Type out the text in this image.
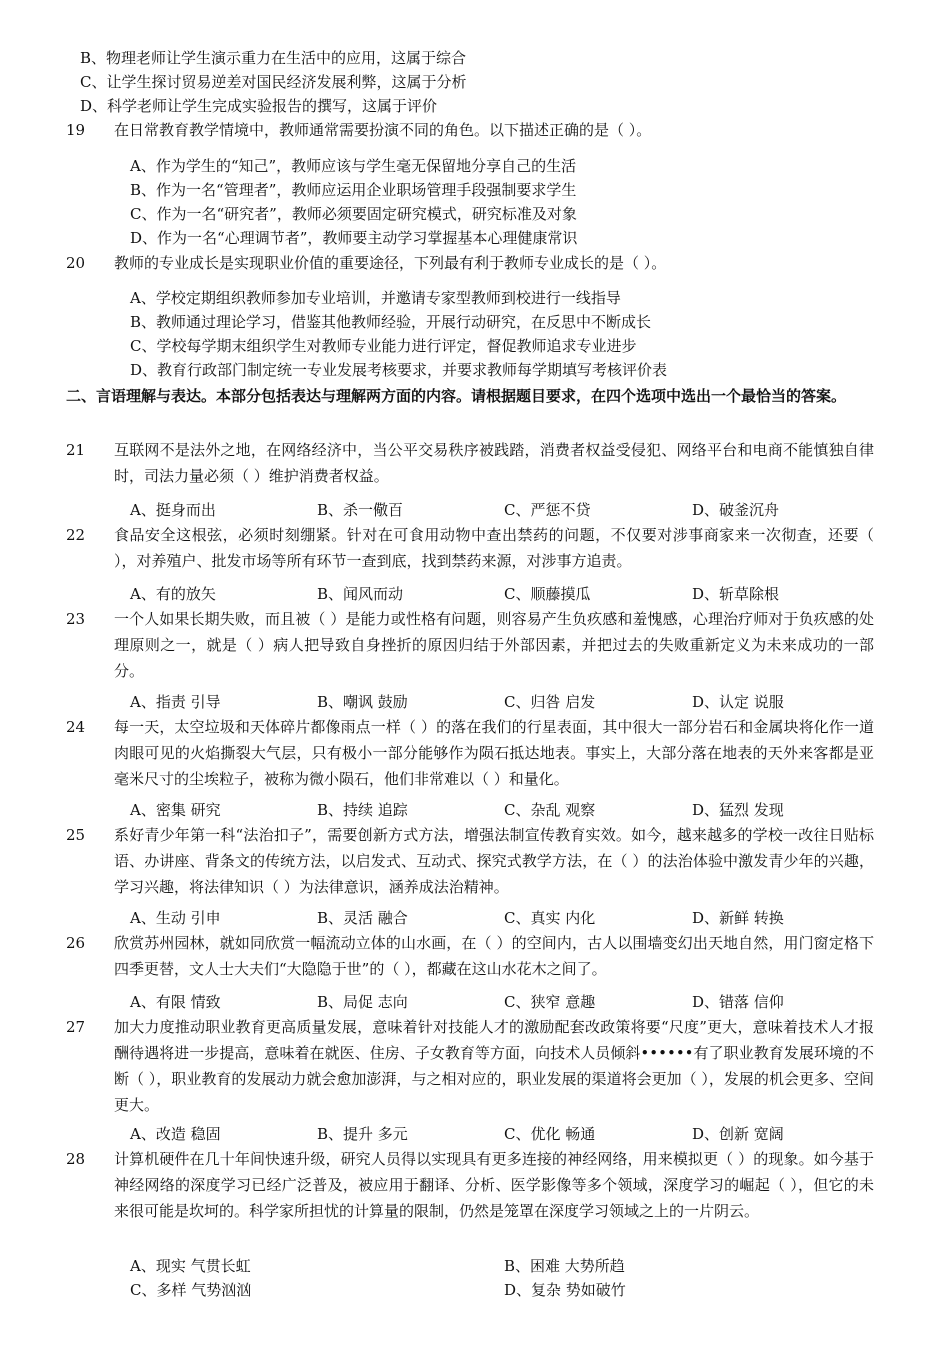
B、物理老师让学生演示重力在生活中的应用，这属于综合
C、让学生探讨贸易逆差对国民经济发展利弊，这属于分析
D、科学老师让学生完成实验报告的撰写，这属于评价
19 在日常教育教学情境中，教师通常需要扮演不同的角色。以下描述正确的是（ ）。
A、作为学生的“知己”，教师应该与学生毫无保留地分享自己的生活
B、作为一名“管理者”，教师应运用企业职场管理手段强制要求学生
C、作为一名“研究者”，教师必须要固定研究模式，研究标准及对象
D、作为一名“心理调节者”，教师要主动学习掌握基本心理健康常识
20 教师的专业成长是实现职业价值的重要途径，下列最有利于教师专业成长的是（ ）。
A、学校定期组织教师参加专业培训，并邀请专家型教师到校进行一线指导
B、教师通过理论学习，借鉴其他教师经验，开展行动研究，在反思中不断成长
C、学校每学期末组织学生对教师专业能力进行评定，督促教师追求专业进步
D、教育行政部门制定统一专业发展考核要求，并要求教师每学期填写考核评价表
二、言语理解与表达。本部分包括表达与理解两方面的内容。请根据题目要求，在四个选项中选出一个最恰当的答案。
21 互联网不是法外之地，在网络经济中，当公平交易秩序被践踏，消费者权益受侵犯、网络平台和电商不能慎独自律时，司法力量必须（ ）维护消费者权益。
A、挺身而出	B、杀一儆百	C、严惩不贷	D、破釜沉舟
22 食品安全这根弦，必须时刻绷紧。针对在可食用动物中查出禁药的问题，不仅要对涉事商家来一次彻查，还要（ ），对养殖户、批发市场等所有环节一查到底，找到禁药来源，对涉事方追责。
A、有的放矢	B、闻风而动	C、顺藤摸瓜	D、斩草除根
23 一个人如果长期失败，而且被（ ）是能力或性格有问题，则容易产生负疚感和羞愧感，心理治疗师对于负疚感的处理原则之一，就是（ ）病人把导致自身挫折的原因归结于外部因素，并把过去的失败重新定义为未来成功的一部分。
A、指责 引导	B、嘲讽 鼓励	C、归咎 启发	D、认定 说服
24 每一天，太空垃圾和天体碎片都像雨点一样（ ）的落在我们的行星表面，其中很大一部分岩石和金属块将化作一道肉眼可见的火焰撕裂大气层，只有极小一部分能够作为陨石抵达地表。事实上，大部分落在地表的天外来客都是亚毫米尺寸的尘埃粒子，被称为微小陨石，他们非常难以（ ）和量化。
A、密集 研究	B、持续 追踪	C、杂乱 观察	D、猛烈 发现
25 系好青少年第一科“法治扣子”，需要创新方式方法，增强法制宣传教育实效。如今，越来越多的学校一改往日贴标语、办讲座、背条文的传统方法，以启发式、互动式、探究式教学方法，在（ ）的法治体验中激发青少年的兴趣，学习兴趣，将法律知识（ ）为法律意识，涵养成法治精神。
A、生动 引申	B、灵活 融合	C、真实 内化	D、新鲜 转换
26 欣赏苏州园林，就如同欣赏一幅流动立体的山水画，在（ ）的空间内，古人以围墙变幻出天地自然，用门窗定格下四季更替，文人士大夫们“大隐隐于世”的（ ），都藏在这山水花木之间了。
A、有限 情致	B、局促 志向	C、狭窄 意趣	D、错落 信仰
27 加大力度推动职业教育更高质量发展，意味着针对技能人才的激励配套改政策将要“尺度”更大，意味着技术人才报酬待遇将进一步提高，意味着在就医、住房、子女教育等方面，向技术人员倾斜••••••有了职业教育发展环境的不断（ ），职业教育的发展动力就会愈加澎湃，与之相对应的，职业发展的渠道将会更加（ ），发展的机会更多、空间更大。
A、改造 稳固	B、提升 多元	C、优化 畅通	D、创新 宽阔
28 计算机硬件在几十年间快速升级，研究人员得以实现具有更多连接的神经网络，用来模拟更（ ）的现象。如今基于神经网络的深度学习已经广泛普及，被应用于翻译、分析、医学影像等多个领域，深度学习的崛起（ ），但它的未来很可能是坎坷的。科学家所担忧的计算量的限制，仍然是笼罩在深度学习领域之上的一片阴云。
A、现实 气贯长虹	B、困难 大势所趋
C、多样 气势汹汹	D、复杂 势如破竹
